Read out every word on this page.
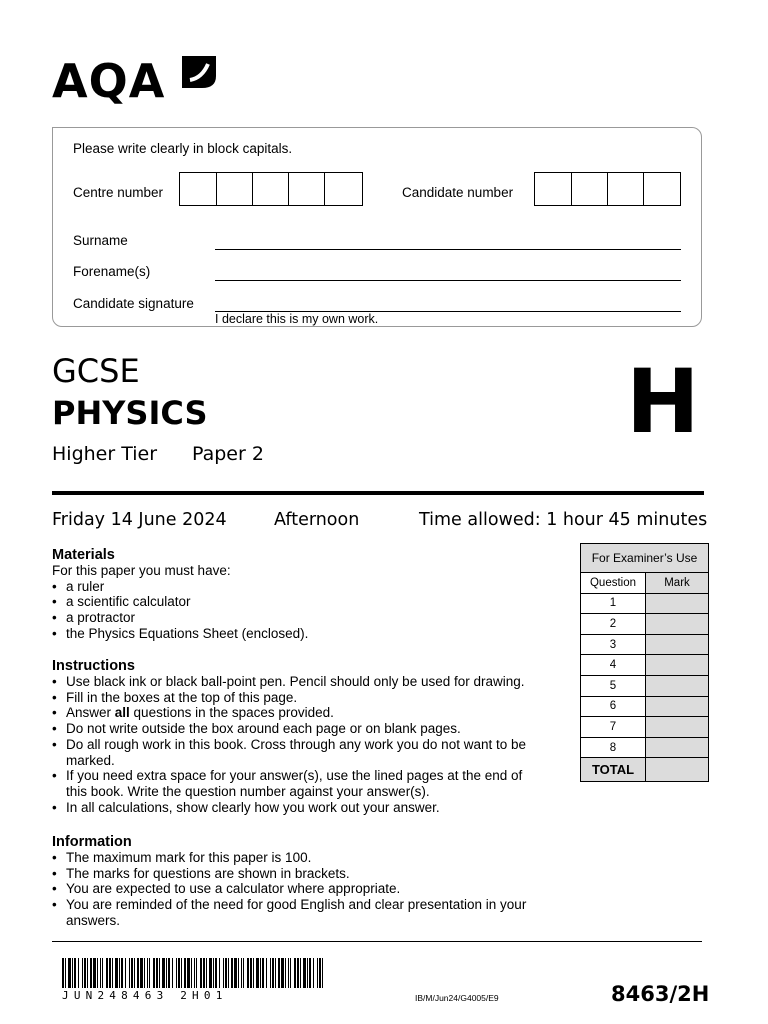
AQA
Please write clearly in block capitals.
Centre number	Candidate number
Surname
Forename(s)
Candidate signature
I declare this is my own work.
GCSE
PHYSICS
Higher Tier Paper 2
H
Friday 14 June 2024	Afternoon	Time allowed: 1 hour 45 minutes
Materials
For this paper you must have:
• a ruler
• a scientific calculator
• a protractor
• the Physics Equations Sheet (enclosed).
Instructions
• Use black ink or black ball-point pen. Pencil should only be used for drawing.
• Fill in the boxes at the top of this page.
• Answer all questions in the spaces provided.
• Do not write outside the box around each page or on blank pages.
• Do all rough work in this book. Cross through any work you do not want to be marked.
• If you need extra space for your answer(s), use the lined pages at the end of this book. Write the question number against your answer(s).
• In all calculations, show clearly how you work out your answer.
Information
• The maximum mark for this paper is 100.
• The marks for questions are shown in brackets.
• You are expected to use a calculator where appropriate.
• You are reminded of the need for good English and clear presentation in your answers.
For Examiner’s Use	
Question	Mark
1	
2	
3	
4	
5	
6	
7	
8	
TOTAL	
JUN248463 2H01	IB/M/Jun24/G4005/E9	8463/2H
